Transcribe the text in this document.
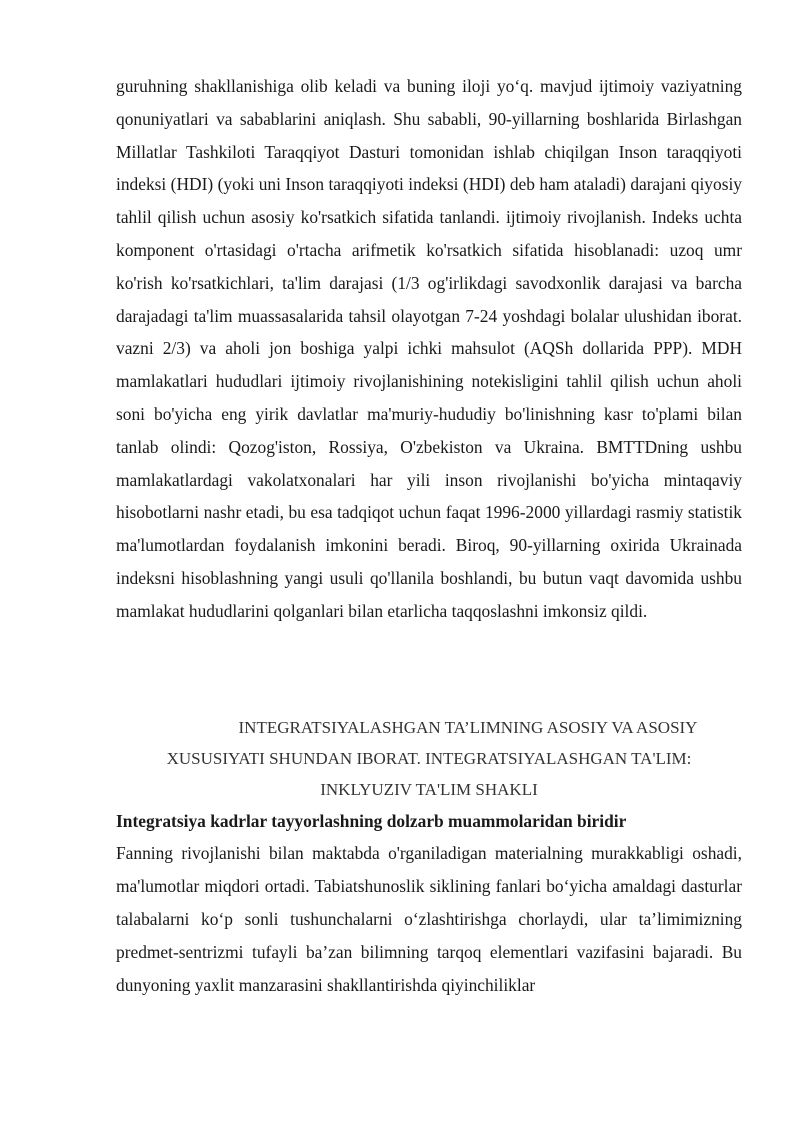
guruhning shakllanishiga olib keladi va buning iloji yo‘q. mavjud ijtimoiy vaziyatning qonuniyatlari va sabablarini aniqlash. Shu sababli, 90-yillarning boshlarida Birlashgan Millatlar Tashkiloti Taraqqiyot Dasturi tomonidan ishlab chiqilgan Inson taraqqiyoti indeksi (HDI) (yoki uni Inson taraqqiyoti indeksi (HDI) deb ham ataladi) darajani qiyosiy tahlil qilish uchun asosiy ko'rsatkich sifatida tanlandi. ijtimoiy rivojlanish. Indeks uchta komponent o'rtasidagi o'rtacha arifmetik ko'rsatkich sifatida hisoblanadi: uzoq umr ko'rish ko'rsatkichlari, ta'lim darajasi (1/3 og'irlikdagi savodxonlik darajasi va barcha darajadagi ta'lim muassasalarida tahsil olayotgan 7-24 yoshdagi bolalar ulushidan iborat. vazni 2/3) va aholi jon boshiga yalpi ichki mahsulot (AQSh dollarida PPP). MDH mamlakatlari hududlari ijtimoiy rivojlanishining notekisligini tahlil qilish uchun aholi soni bo'yicha eng yirik davlatlar ma'muriy-hududiy bo'linishning kasr to'plami bilan tanlab olindi: Qozog'iston, Rossiya, O'zbekiston va Ukraina. BMTTDning ushbu mamlakatlardagi vakolatxonalari har yili inson rivojlanishi bo'yicha mintaqaviy hisobotlarni nashr etadi, bu esa tadqiqot uchun faqat 1996-2000 yillardagi rasmiy statistik ma'lumotlardan foydalanish imkonini beradi. Biroq, 90-yillarning oxirida Ukrainada indeksni hisoblashning yangi usuli qo'llanila boshlandi, bu butun vaqt davomida ushbu mamlakat hududlarini qolganlari bilan etarlicha taqqoslashni imkonsiz qildi.

INTEGRATSIYALASHGAN TA’LIMNING ASOSIY VA ASOSIY
XUSUSIYATI SHUNDAN IBORAT. INTEGRATSIYALASHGAN TA'LIM:
INKLYUZIV TA'LIM SHAKLI

Integratsiya kadrlar tayyorlashning dolzarb muammolaridan biridir

Fanning rivojlanishi bilan maktabda o'rganiladigan materialning murakkabligi oshadi, ma'lumotlar miqdori ortadi. Tabiatshunoslik siklining fanlari bo‘yicha amaldagi dasturlar talabalarni ko‘p sonli tushunchalarni o‘zlashtirishga chorlaydi, ular ta’limimizning predmet-sentrizmi tufayli ba’zan bilimning tarqoq elementlari vazifasini bajaradi. Bu dunyoning yaxlit manzarasini shakllantirishda qiyinchiliklar
